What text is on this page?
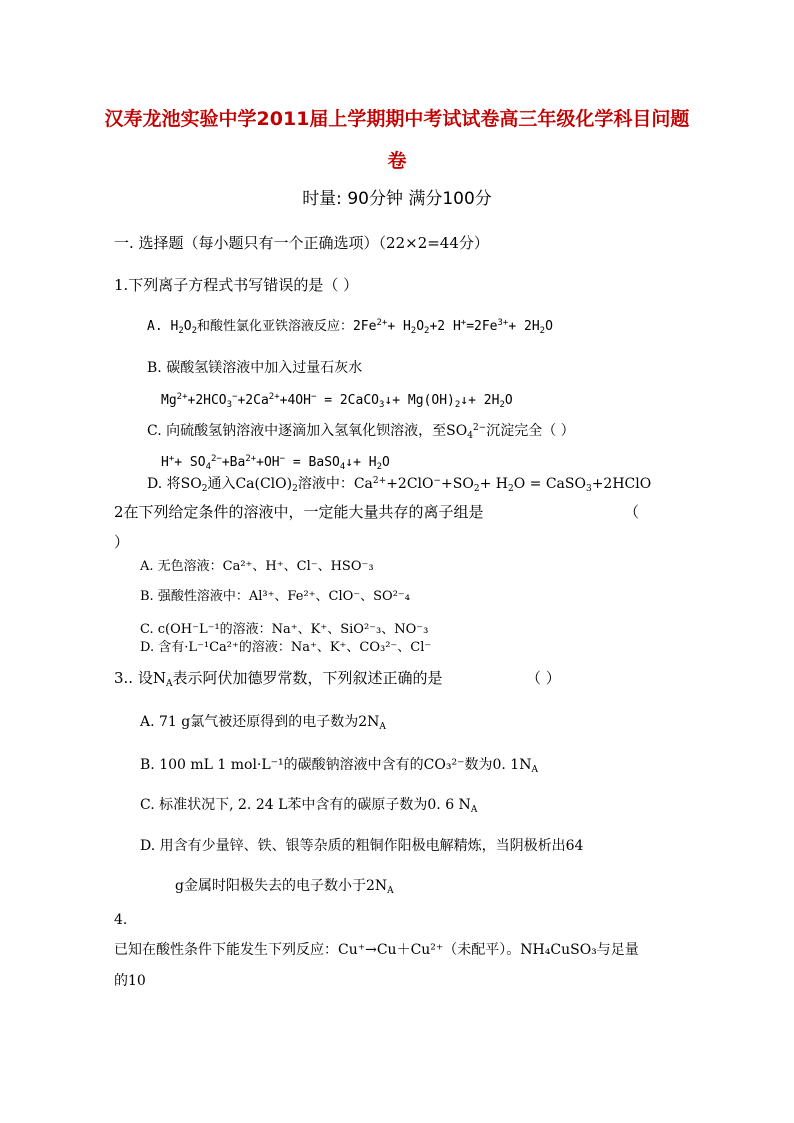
汉寿龙池实验中学2011届上学期期中考试试卷高三年级化学科目问题
卷
时量: 90分钟 满分100分
一. 选择题（每小题只有一个正确选项）（22×2=44分）
1.下列离子方程式书写错误的是（ ）
A. $H_2O_2$和酸性氯化亚铁溶液反应：$2Fe^{2+}+ H_2O_2+2$ $H^+=2Fe^{3+}+ 2H_2O$
B. 碳酸氢镁溶液中加入过量石灰水
$Mg^{2+}+2HCO_3^-+2Ca^{2+}+4OH^-$ = 2CaCO$_3$↓+ $Mg(OH)_2↓+ 2H_2O$
C. 向硫酸氢钠溶液中逐滴加入氢氧化钡溶液，至$SO_4^{2-}$沉淀完全（ ）
$H^++ SO_4^{2-}+Ba^{2+}+OH^-$ = BaSO$_4$↓+ $H_2O$
D. 将$SO_2$通入$Ca(ClO)_2$溶液中：$Ca^{2+}+2ClO^-+SO_2+ H_2O$ = CaSO$_3$+2HClO
2在下列给定条件的溶液中，一定能大量共存的离子组是	（
）
A. 无色溶液：Ca²⁺、H⁺、Cl⁻、HSO⁻₃
B. 强酸性溶液中：Al³⁺、Fe²⁺、ClO⁻、SO²⁻₄
C. c(OH⁻L⁻¹的溶液：Na⁺、K⁺、SiO²⁻₃、NO⁻₃
D. 含有·L⁻¹Ca²⁺的溶液：Na⁺、K⁺、CO₃²⁻、Cl⁻
3.. 设$N_A$表示阿伏加德罗常数，下列叙述正确的是	（ ）
A. 71 g氯气被还原得到的电子数为$2N_A$
B. 100 mL 1 mol·L⁻¹的碳酸钠溶液中含有的CO₃²⁻数为0. $1N_A$
C. 标准状况下, 2. 24 L苯中含有的碳原子数为0. 6 $N_A$
D. 用含有少量锌、铁、银等杂质的粗铜作阳极电解精炼，当阴极析出64
g金属时阳极失去的电子数小于$2N_A$
4.
已知在酸性条件下能发生下列反应：Cu⁺→Cu＋Cu²⁺（未配平）。NH₄CuSO₃与足量
的10
